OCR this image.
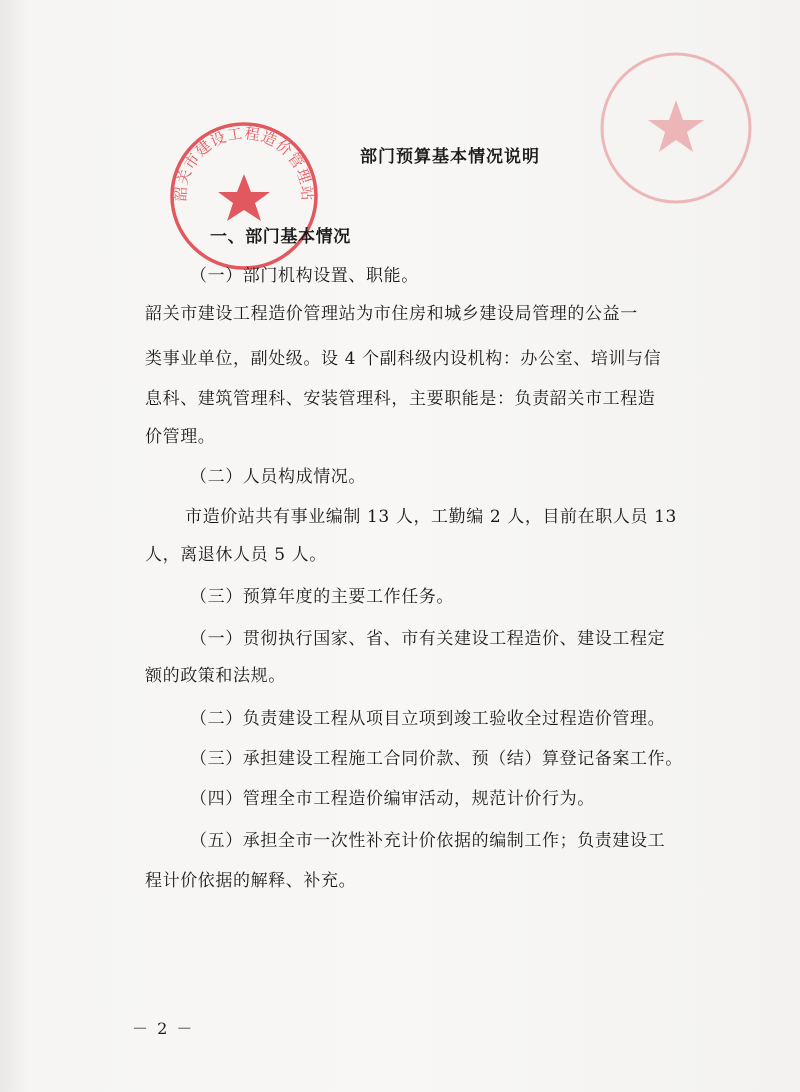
韶关市建设工程造价管理站
部门预算基本情况说明
一、部门基本情况
（一）部门机构设置、职能。
韶关市建设工程造价管理站为市住房和城乡建设局管理的公益一
类事业单位，副处级。设 4 个副科级内设机构：办公室、培训与信
息科、建筑管理科、安装管理科，主要职能是：负责韶关市工程造
价管理。
（二）人员构成情况。
市造价站共有事业编制 13 人，工勤编 2 人，目前在职人员 13
人，离退休人员 5 人。
（三）预算年度的主要工作任务。
（一）贯彻执行国家、省、市有关建设工程造价、建设工程定
额的政策和法规。
（二）负责建设工程从项目立项到竣工验收全过程造价管理。
（三）承担建设工程施工合同价款、预（结）算登记备案工作。
（四）管理全市工程造价编审活动，规范计价行为。
（五）承担全市一次性补充计价依据的编制工作；负责建设工
程计价依据的解释、补充。
－ 2 －
